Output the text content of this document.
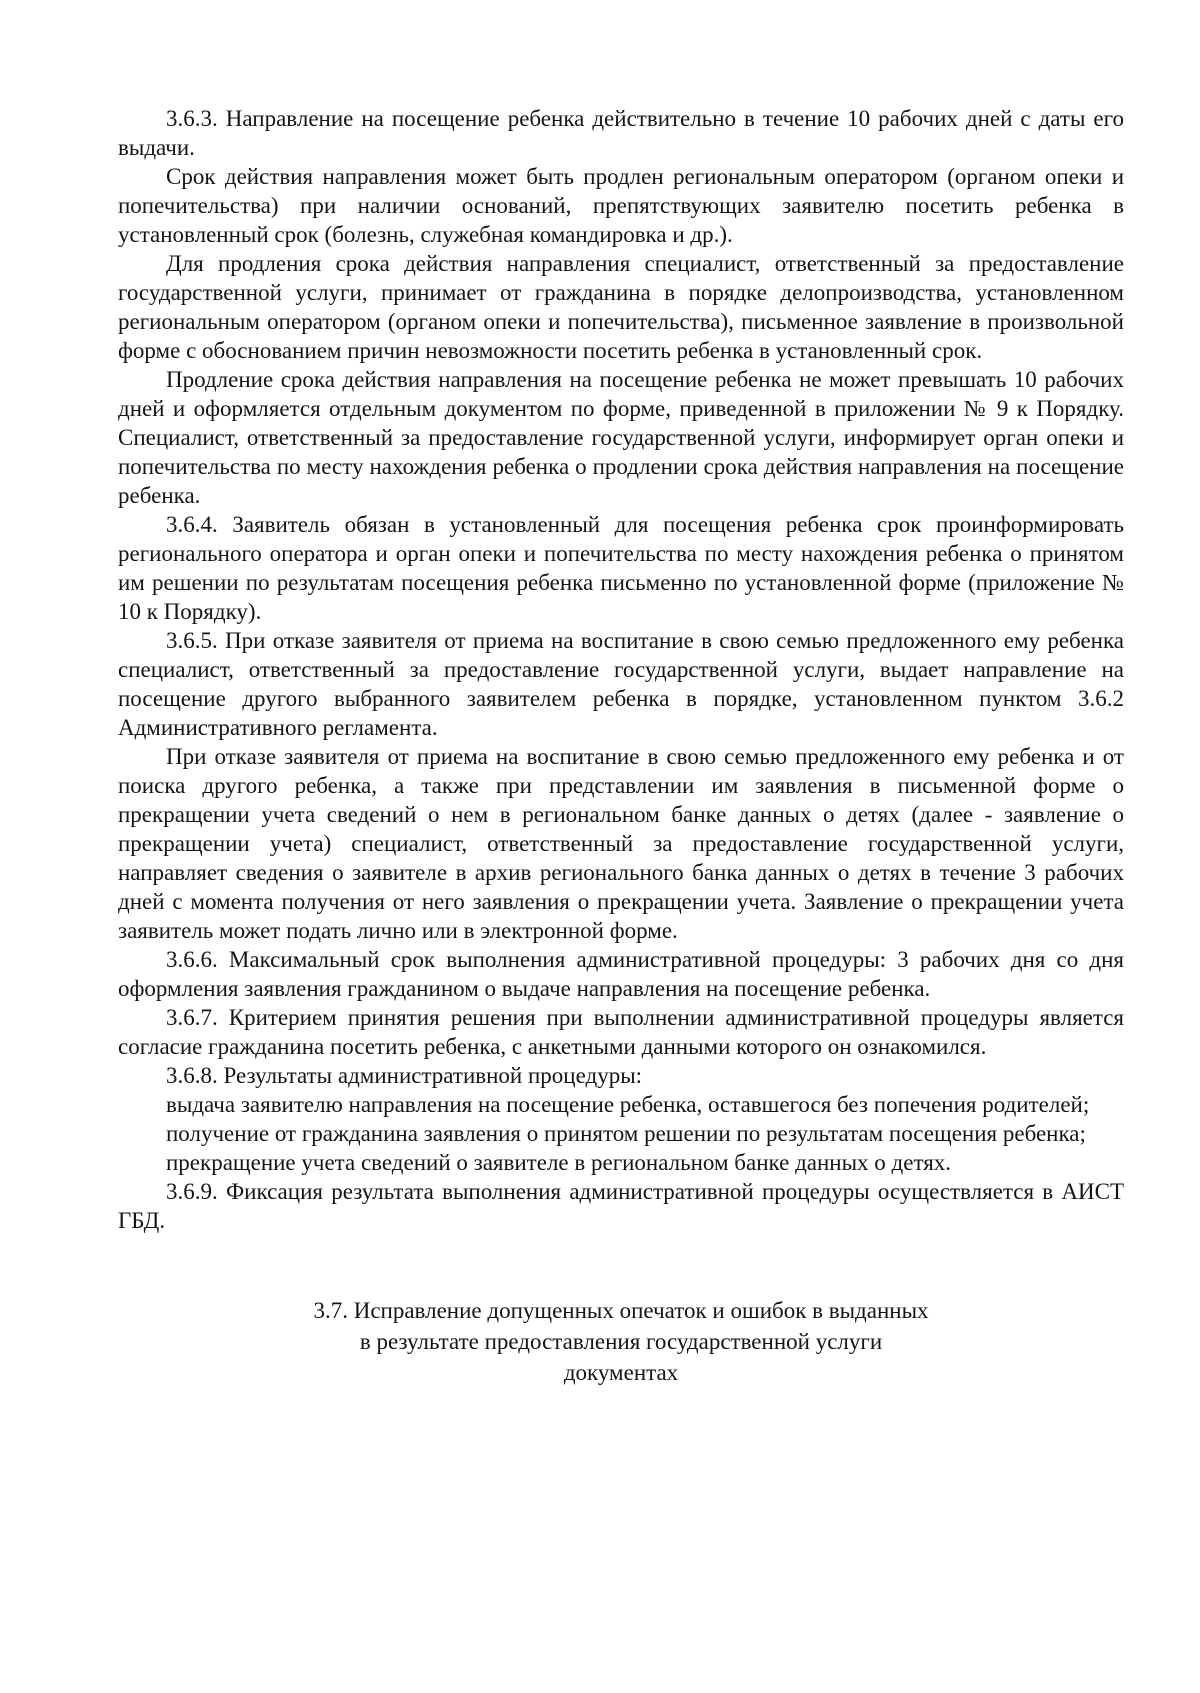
3.6.3. Направление на посещение ребенка действительно в течение 10 рабочих дней с даты его выдачи.

Срок действия направления может быть продлен региональным оператором (органом опеки и попечительства) при наличии оснований, препятствующих заявителю посетить ребенка в установленный срок (болезнь, служебная командировка и др.).

Для продления срока действия направления специалист, ответственный за предоставление государственной услуги, принимает от гражданина в порядке делопроизводства, установленном региональным оператором (органом опеки и попечительства), письменное заявление в произвольной форме с обоснованием причин невозможности посетить ребенка в установленный срок.

Продление срока действия направления на посещение ребенка не может превышать 10 рабочих дней и оформляется отдельным документом по форме, приведенной в приложении № 9 к Порядку. Специалист, ответственный за предоставление государственной услуги, информирует орган опеки и попечительства по месту нахождения ребенка о продлении срока действия направления на посещение ребенка.

3.6.4. Заявитель обязан в установленный для посещения ребенка срок проинформировать регионального оператора и орган опеки и попечительства по месту нахождения ребенка о принятом им решении по результатам посещения ребенка письменно по установленной форме (приложение № 10 к Порядку).

3.6.5. При отказе заявителя от приема на воспитание в свою семью предложенного ему ребенка специалист, ответственный за предоставление государственной услуги, выдает направление на посещение другого выбранного заявителем ребенка в порядке, установленном пунктом 3.6.2 Административного регламента.

При отказе заявителя от приема на воспитание в свою семью предложенного ему ребенка и от поиска другого ребенка, а также при представлении им заявления в письменной форме о прекращении учета сведений о нем в региональном банке данных о детях (далее - заявление о прекращении учета) специалист, ответственный за предоставление государственной услуги, направляет сведения о заявителе в архив регионального банка данных о детях в течение 3 рабочих дней с момента получения от него заявления о прекращении учета. Заявление о прекращении учета заявитель может подать лично или в электронной форме.

3.6.6. Максимальный срок выполнения административной процедуры: 3 рабочих дня со дня оформления заявления гражданином о выдаче направления на посещение ребенка.

3.6.7. Критерием принятия решения при выполнении административной процедуры является согласие гражданина посетить ребенка, с анкетными данными которого он ознакомился.

3.6.8. Результаты административной процедуры:

выдача заявителю направления на посещение ребенка, оставшегося без попечения родителей;

получение от гражданина заявления о принятом решении по результатам посещения ребенка;

прекращение учета сведений о заявителе в региональном банке данных о детях.

3.6.9. Фиксация результата выполнения административной процедуры осуществляется в АИСТ ГБД.

3.7. Исправление допущенных опечаток и ошибок в выданных
в результате предоставления государственной услуги
документах
